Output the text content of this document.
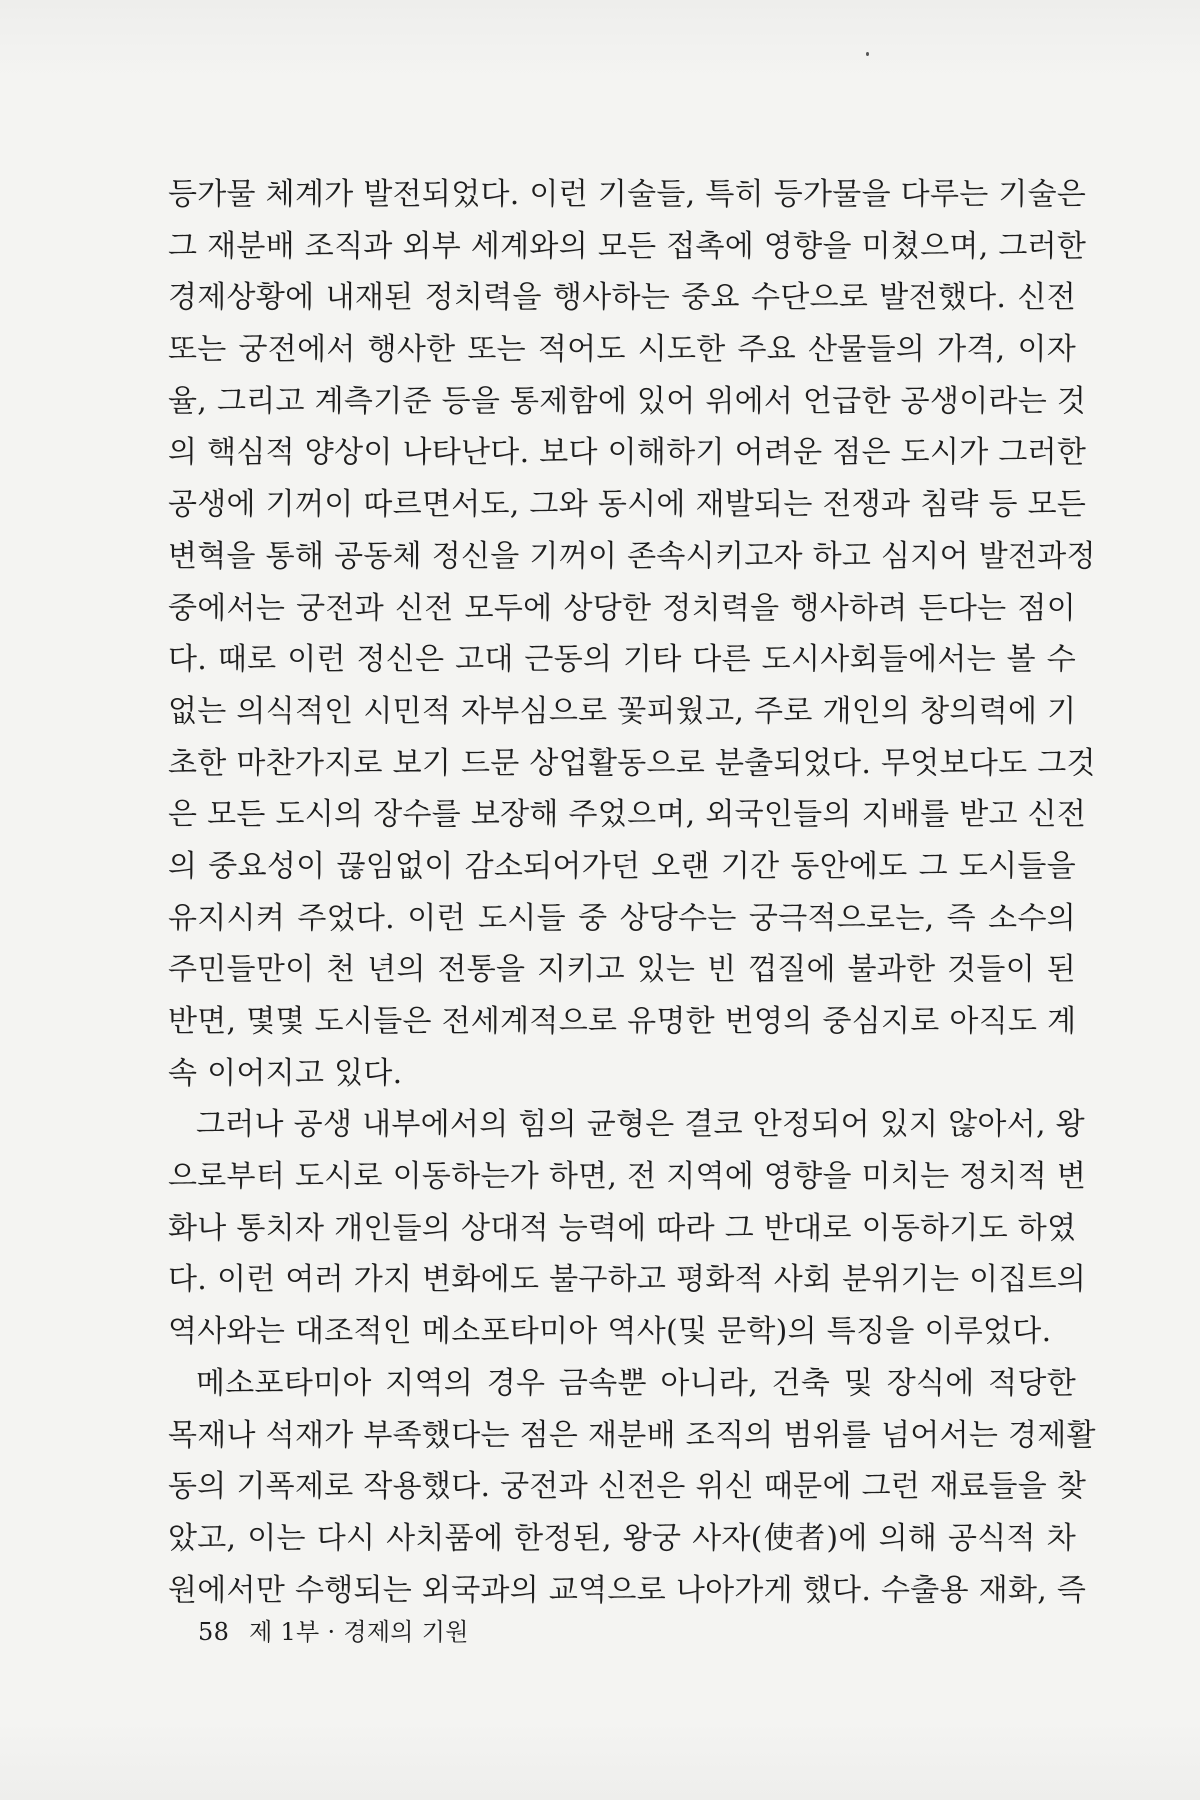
등가물 체계가 발전되었다. 이런 기술들, 특히 등가물을 다루는 기술은
그 재분배 조직과 외부 세계와의 모든 접촉에 영향을 미쳤으며, 그러한
경제상황에 내재된 정치력을 행사하는 중요 수단으로 발전했다. 신전
또는 궁전에서 행사한 또는 적어도 시도한 주요 산물들의 가격, 이자
율, 그리고 계측기준 등을 통제함에 있어 위에서 언급한 공생이라는 것
의 핵심적 양상이 나타난다. 보다 이해하기 어려운 점은 도시가 그러한
공생에 기꺼이 따르면서도, 그와 동시에 재발되는 전쟁과 침략 등 모든
변혁을 통해 공동체 정신을 기꺼이 존속시키고자 하고 심지어 발전과정
중에서는 궁전과 신전 모두에 상당한 정치력을 행사하려 든다는 점이
다. 때로 이런 정신은 고대 근동의 기타 다른 도시사회들에서는 볼 수
없는 의식적인 시민적 자부심으로 꽃피웠고, 주로 개인의 창의력에 기
초한 마찬가지로 보기 드문 상업활동으로 분출되었다. 무엇보다도 그것
은 모든 도시의 장수를 보장해 주었으며, 외국인들의 지배를 받고 신전
의 중요성이 끊임없이 감소되어가던 오랜 기간 동안에도 그 도시들을
유지시켜 주었다. 이런 도시들 중 상당수는 궁극적으로는, 즉 소수의
주민들만이 천 년의 전통을 지키고 있는 빈 껍질에 불과한 것들이 된
반면, 몇몇 도시들은 전세계적으로 유명한 번영의 중심지로 아직도 계
속 이어지고 있다.
그러나 공생 내부에서의 힘의 균형은 결코 안정되어 있지 않아서, 왕
으로부터 도시로 이동하는가 하면, 전 지역에 영향을 미치는 정치적 변
화나 통치자 개인들의 상대적 능력에 따라 그 반대로 이동하기도 하였
다. 이런 여러 가지 변화에도 불구하고 평화적 사회 분위기는 이집트의
역사와는 대조적인 메소포타미아 역사(및 문학)의 특징을 이루었다.
메소포타미아 지역의 경우 금속뿐 아니라, 건축 및 장식에 적당한
목재나 석재가 부족했다는 점은 재분배 조직의 범위를 넘어서는 경제활
동의 기폭제로 작용했다. 궁전과 신전은 위신 때문에 그런 재료들을 찾
았고, 이는 다시 사치품에 한정된, 왕궁 사자(使者)에 의해 공식적 차
원에서만 수행되는 외국과의 교역으로 나아가게 했다. 수출용 재화, 즉
58 제 1부 · 경제의 기원
